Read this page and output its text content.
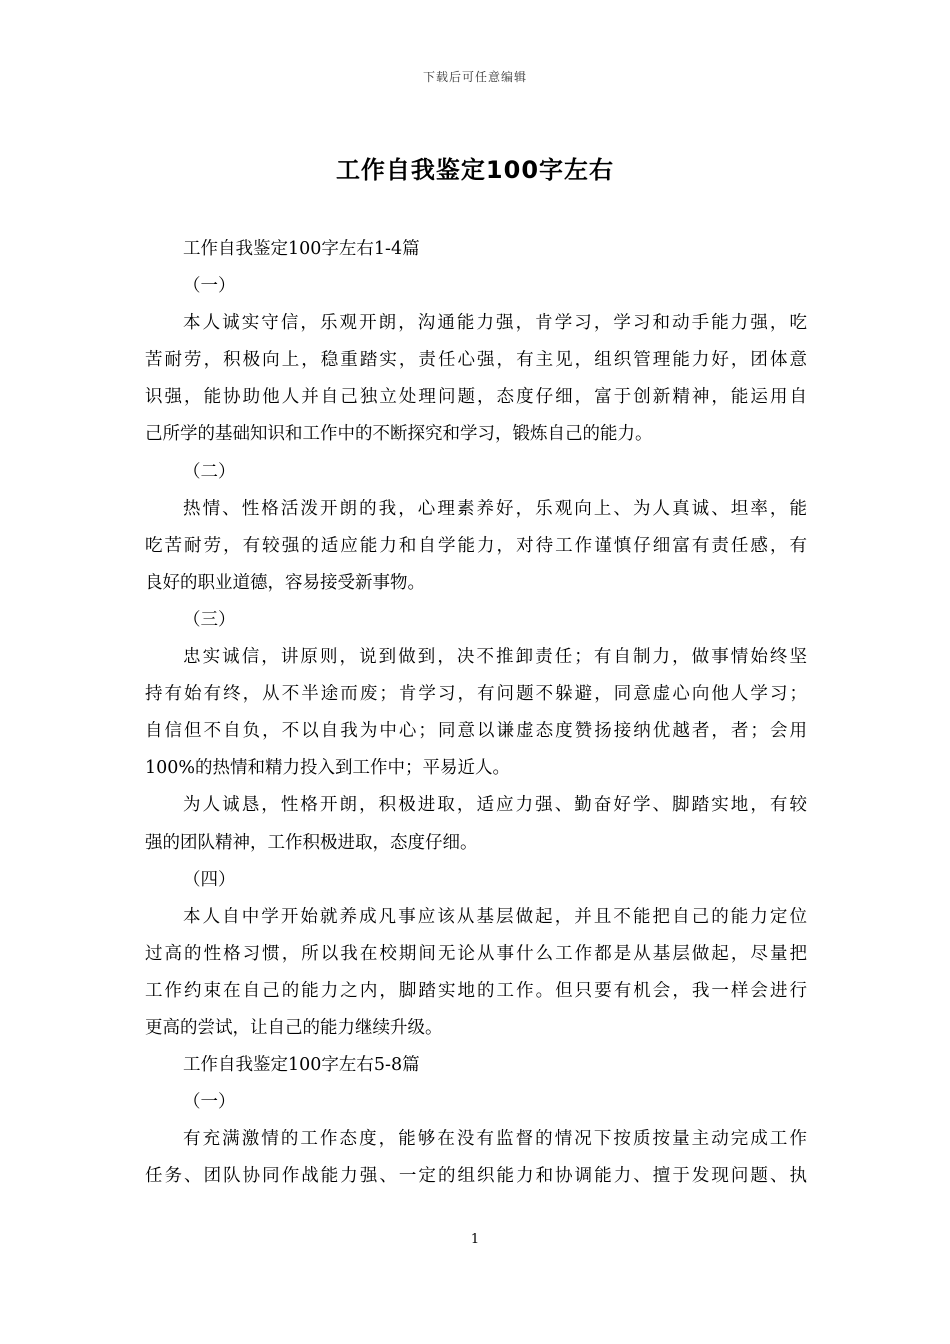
下载后可任意编辑
工作自我鉴定100字左右
工作自我鉴定100字左右1-4篇
（一）
本人诚实守信，乐观开朗，沟通能力强，肯学习，学习和动手能力强，吃
苦耐劳，积极向上，稳重踏实，责任心强，有主见，组织管理能力好，团体意
识强，能协助他人并自己独立处理问题，态度仔细，富于创新精神，能运用自
己所学的基础知识和工作中的不断探究和学习，锻炼自己的能力。
（二）
热情、性格活泼开朗的我，心理素养好，乐观向上、为人真诚、坦率，能
吃苦耐劳，有较强的适应能力和自学能力，对待工作谨慎仔细富有责任感，有
良好的职业道德，容易接受新事物。
（三）
忠实诚信，讲原则，说到做到，决不推卸责任；有自制力，做事情始终坚
持有始有终，从不半途而废；肯学习，有问题不躲避，同意虚心向他人学习；
自信但不自负，不以自我为中心；同意以谦虚态度赞扬接纳优越者，者；会用
100%的热情和精力投入到工作中；平易近人。
为人诚恳，性格开朗，积极进取，适应力强、勤奋好学、脚踏实地，有较
强的团队精神，工作积极进取，态度仔细。
（四）
本人自中学开始就养成凡事应该从基层做起，并且不能把自己的能力定位
过高的性格习惯，所以我在校期间无论从事什么工作都是从基层做起，尽量把
工作约束在自己的能力之内，脚踏实地的工作。但只要有机会，我一样会进行
更高的尝试，让自己的能力继续升级。
工作自我鉴定100字左右5-8篇
（一）
有充满激情的工作态度，能够在没有监督的情况下按质按量主动完成工作
任务、团队协同作战能力强、一定的组织能力和协调能力、擅于发现问题、执
1
